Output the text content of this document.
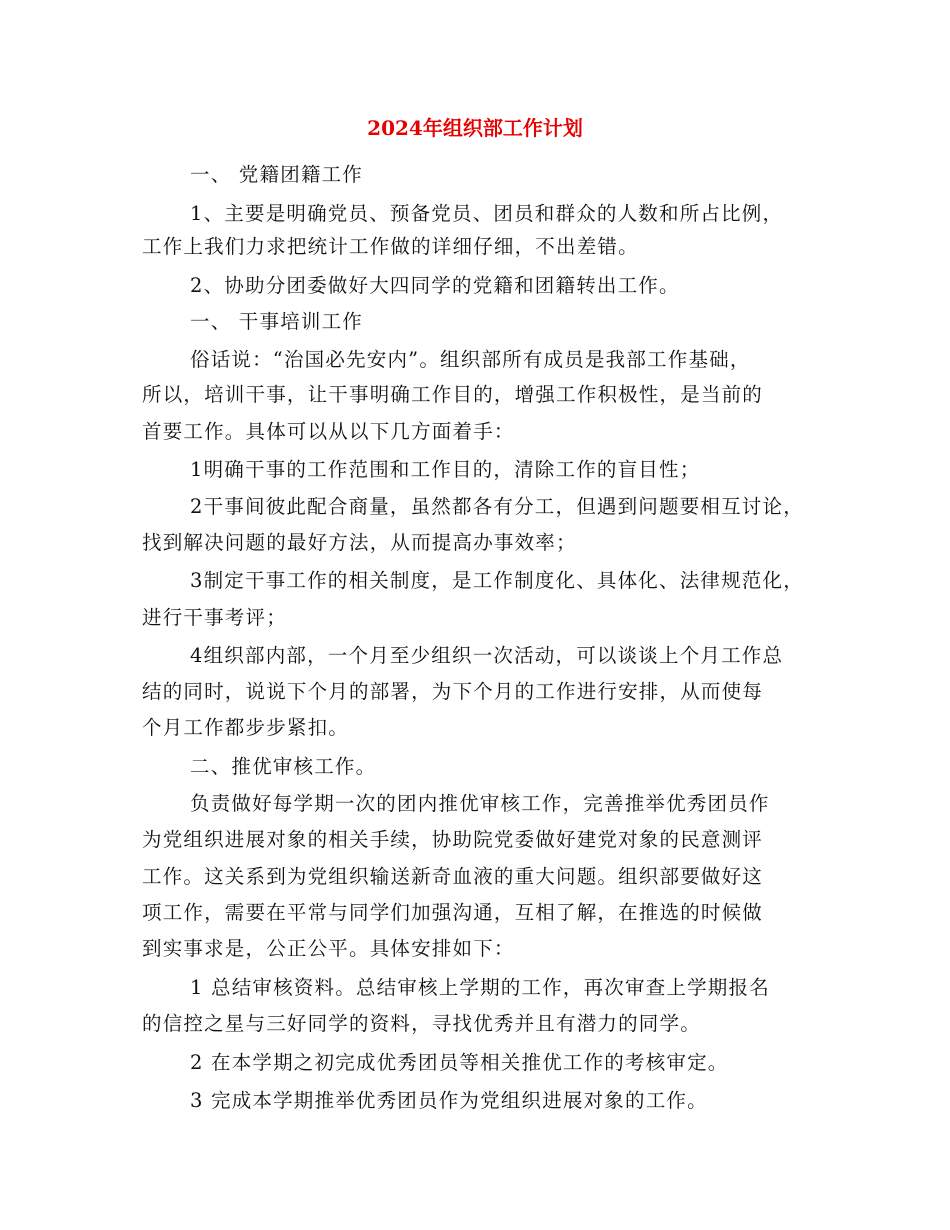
2024年组织部工作计划
一、 党籍团籍工作
1、主要是明确党员、预备党员、团员和群众的人数和所占比例，
工作上我们力求把统计工作做的详细仔细，不出差错。
2、协助分团委做好大四同学的党籍和团籍转出工作。
一、 干事培训工作
俗话说：“治国必先安内”。组织部所有成员是我部工作基础，
所以，培训干事，让干事明确工作目的，增强工作积极性，是当前的
首要工作。具体可以从以下几方面着手：
1明确干事的工作范围和工作目的，清除工作的盲目性；
2干事间彼此配合商量，虽然都各有分工，但遇到问题要相互讨论，
找到解决问题的最好方法，从而提高办事效率；
3制定干事工作的相关制度，是工作制度化、具体化、法律规范化，
进行干事考评；
4组织部内部，一个月至少组织一次活动，可以谈谈上个月工作总
结的同时，说说下个月的部署，为下个月的工作进行安排，从而使每
个月工作都步步紧扣。
二、推优审核工作。
负责做好每学期一次的团内推优审核工作，完善推举优秀团员作
为党组织进展对象的相关手续，协助院党委做好建党对象的民意测评
工作。这关系到为党组织输送新奇血液的重大问题。组织部要做好这
项工作，需要在平常与同学们加强沟通，互相了解，在推选的时候做
到实事求是，公正公平。具体安排如下：
1 总结审核资料。总结审核上学期的工作，再次审查上学期报名
的信控之星与三好同学的资料，寻找优秀并且有潜力的同学。
2 在本学期之初完成优秀团员等相关推优工作的考核审定。
3 完成本学期推举优秀团员作为党组织进展对象的工作。
